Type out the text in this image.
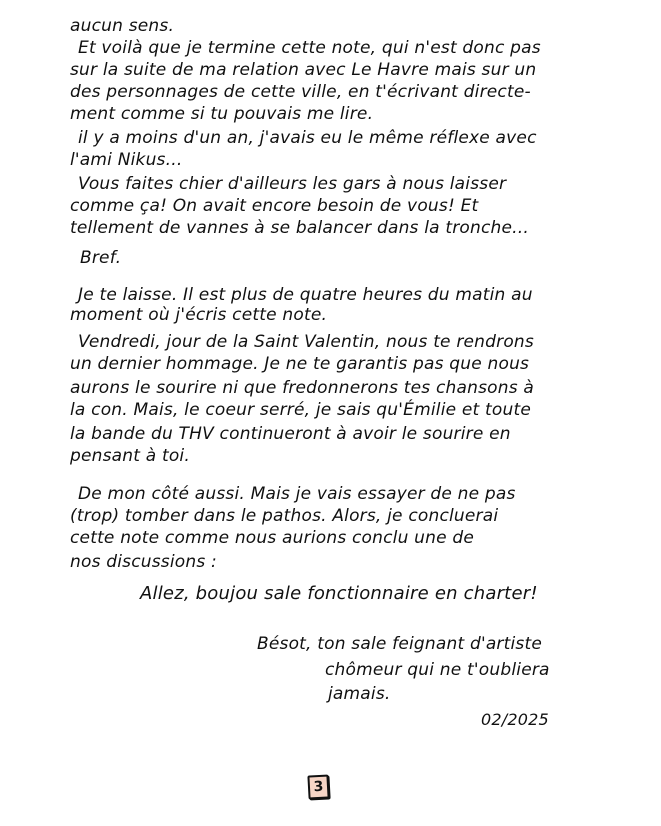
aucun sens.
Et voilà que je termine cette note, qui n'est donc pas
sur la suite de ma relation avec Le Havre mais sur un
des personnages de cette ville, en t'écrivant directe-
ment comme si tu pouvais me lire.
il y a moins d'un an, j'avais eu le même réflexe avec
l'ami Nikus...
Vous faites chier d'ailleurs les gars à nous laisser
comme ça! On avait encore besoin de vous! Et
tellement de vannes à se balancer dans la tronche...
Bref.
Je te laisse. Il est plus de quatre heures du matin au
moment où j'écris cette note.
Vendredi, jour de la Saint Valentin, nous te rendrons
un dernier hommage. Je ne te garantis pas que nous
aurons le sourire ni que fredonnerons tes chansons à
la con. Mais, le coeur serré, je sais qu'Émilie et toute
la bande du THV continueront à avoir le sourire en
pensant à toi.
De mon côté aussi. Mais je vais essayer de ne pas
(trop) tomber dans le pathos. Alors, je concluerai
cette note comme nous aurions conclu une de
nos discussions :
Allez, boujou sale fonctionnaire en charter!
Bésot, ton sale feignant d'artiste
chômeur qui ne t'oubliera
jamais.
02/2025
3
